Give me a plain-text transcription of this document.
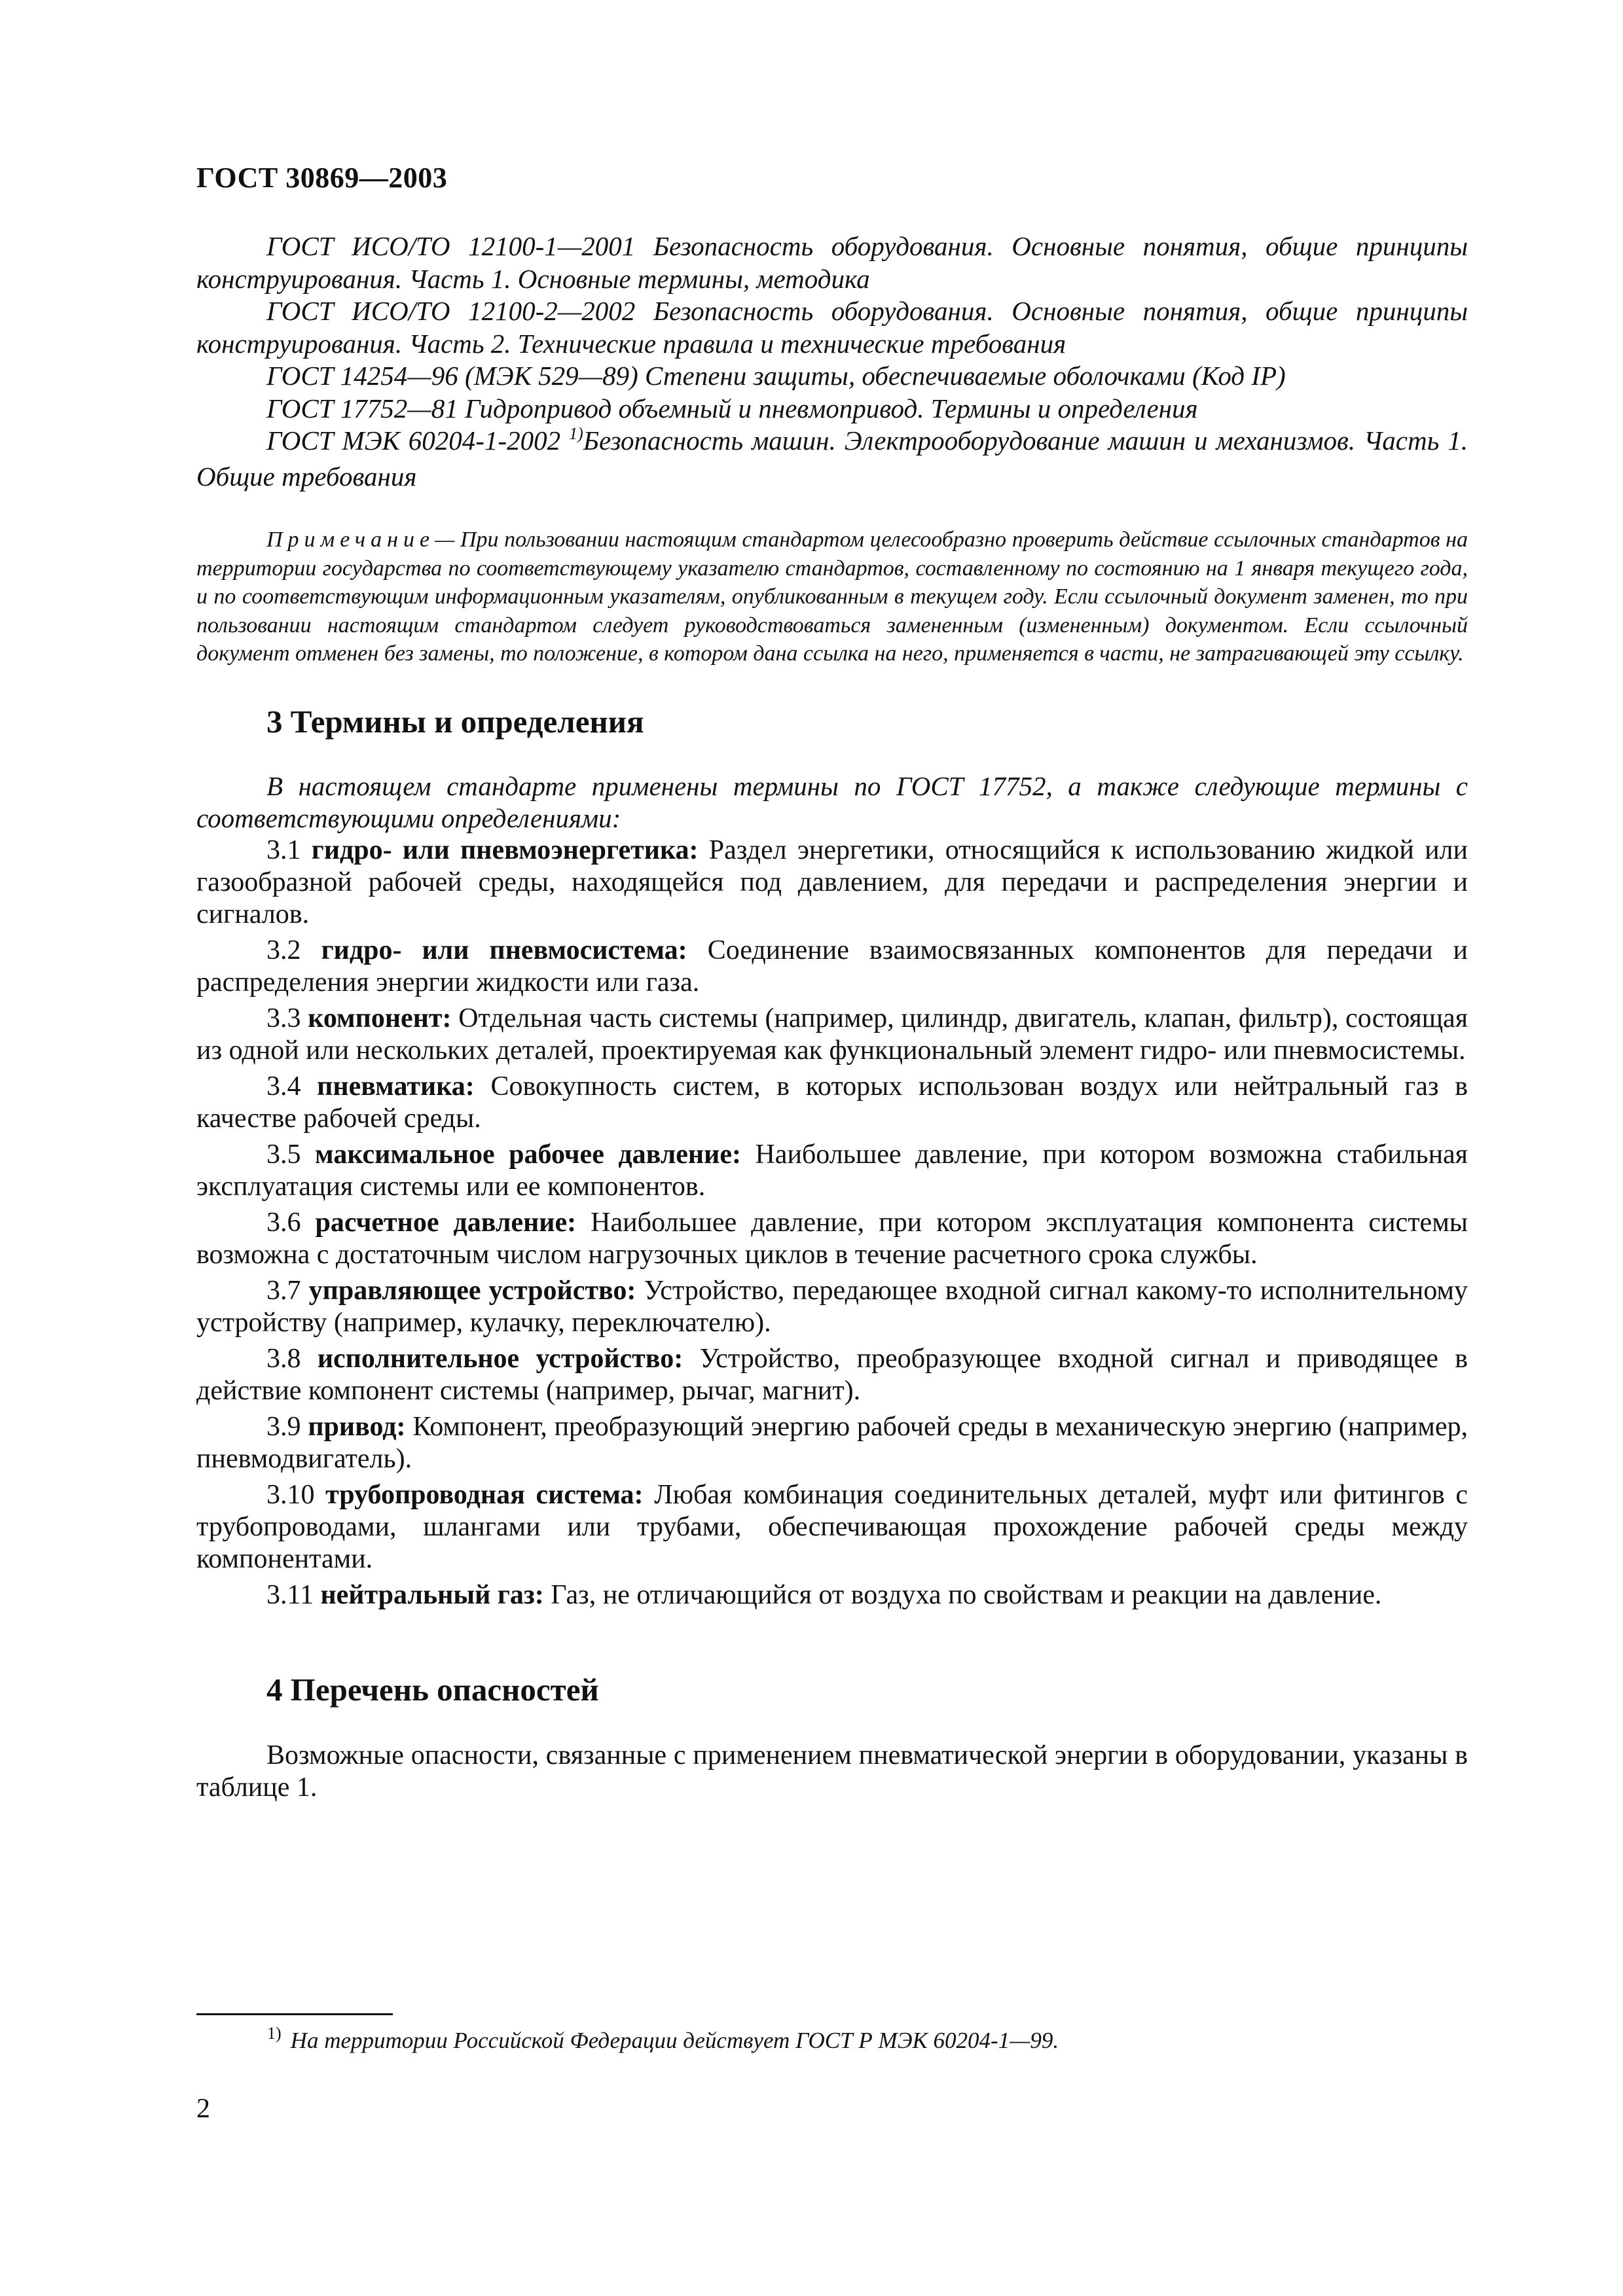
ГОСТ 30869—2003

ГОСТ ИСО/ТО 12100-1—2001 Безопасность оборудования. Основные понятия, общие принципы конструирования. Часть 1. Основные термины, методика

ГОСТ ИСО/ТО 12100-2—2002 Безопасность оборудования. Основные понятия, общие принципы конструирования. Часть 2. Технические правила и технические требования

ГОСТ 14254—96 (МЭК 529—89) Степени защиты, обеспечиваемые оболочками (Код IP)

ГОСТ 17752—81 Гидропривод объемный и пневмопривод. Термины и определения

ГОСТ МЭК 60204-1-2002 $^{1)}$Безопасность машин. Электрооборудование машин и механизмов. Часть 1. Общие требования

Примечание— При пользовании настоящим стандартом целесообразно проверить действие ссылочных стандартов на территории государства по соответствующему указателю стандартов, составленному по состоянию на 1 января текущего года, и по соответствующим информационным указателям, опубликованным в текущем году. Если ссылочный документ заменен, то при пользовании настоящим стандартом следует руководствоваться замененным (измененным) документом. Если ссылочный документ отменен без замены, то положение, в котором дана ссылка на него, применяется в части, не затрагивающей эту ссылку.

3 Термины и определения

В настоящем стандарте применены термины по ГОСТ 17752, а также следующие термины с соответствующими определениями:

3.1 гидро- или пневмоэнергетика: Раздел энергетики, относящийся к использованию жидкой или газообразной рабочей среды, находящейся под давлением, для передачи и распределения энергии и сигналов.

3.2 гидро- или пневмосистема: Соединение взаимосвязанных компонентов для передачи и распределения энергии жидкости или газа.

3.3 компонент: Отдельная часть системы (например, цилиндр, двигатель, клапан, фильтр), состоящая из одной или нескольких деталей, проектируемая как функциональный элемент гидро- или пневмосистемы.

3.4 пневматика: Совокупность систем, в которых использован воздух или нейтральный газ в качестве рабочей среды.

3.5 максимальное рабочее давление: Наибольшее давление, при котором возможна стабильная эксплуатация системы или ее компонентов.

3.6 расчетное давление: Наибольшее давление, при котором эксплуатация компонента системы возможна с достаточным числом нагрузочных циклов в течение расчетного срока службы.

3.7 управляющее устройство: Устройство, передающее входной сигнал какому-то исполнительному устройству (например, кулачку, переключателю).

3.8 исполнительное устройство: Устройство, преобразующее входной сигнал и приводящее в действие компонент системы (например, рычаг, магнит).

3.9 привод: Компонент, преобразующий энергию рабочей среды в механическую энергию (например, пневмодвигатель).

3.10 трубопроводная система: Любая комбинация соединительных деталей, муфт или фитингов с трубопроводами, шлангами или трубами, обеспечивающая прохождение рабочей среды между компонентами.

3.11 нейтральный газ: Газ, не отличающийся от воздуха по свойствам и реакции на давление.

4 Перечень опасностей

Возможные опасности, связанные с применением пневматической энергии в оборудовании, указаны в таблице 1.

$^{1)}$ На территории Российской Федерации действует ГОСТ Р МЭК 60204-1—99.
2
